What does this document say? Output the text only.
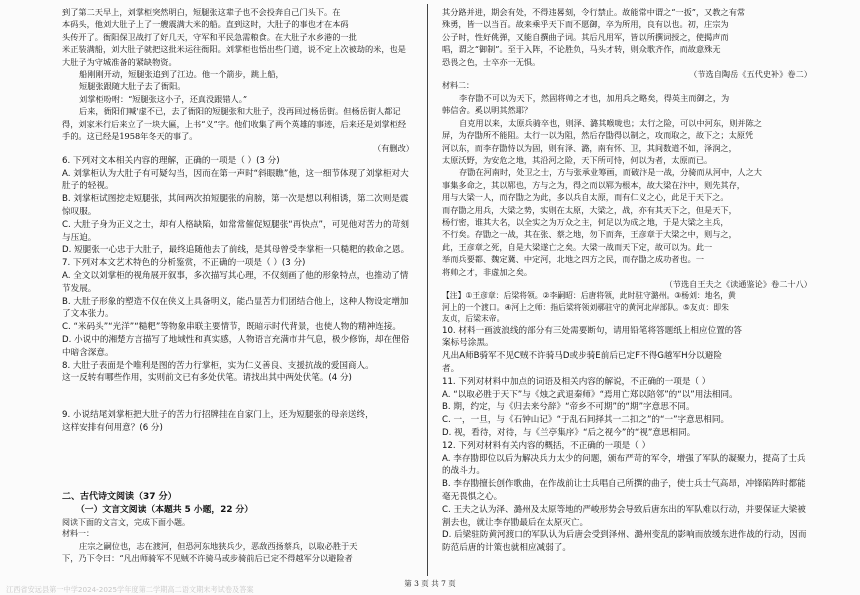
到了第二天早上，刘掌柜突然明白，短腿张这辈子也不会投奔自己门头下。在

本码头，他刘大肚子上了一艘震满大米的船。直到这时，大肚子的事也才在本码

头传开了。衙阳保卫战打了好几天，守军和平民急需粮食。在大肚子水乡港的一批

米正装满船，刘大肚子就把这批米运往衙阳。刘掌柜也悟出些门道，说不定上次被劫的米，也是

大肚子为守城准备的紧缺物资。

船刚刚开动，短腿张追到了江边。他一个箭步，跳上船，

短腿张跟随大肚子去了衙阳。

刘掌柜吩咐：“短腿张这小子，还真没跟错人。”

后来，衙阳们喊'虚不已，去了衙阳的短腿张和大肚子，没再回过杨岳街。但杨岳街人都记得，刘家米行后来立了一块大匾，上书“义”字。他们收集了两个英雄的事迹，后来还是刘掌柜经手的。这已经是1958年冬天的事了。

（有删改）

6. 下列对文本相关内容的理解，正确的一项是（ ）(3 分)

A. 刘掌柜认为大肚子有可疑勾当，因而在第一声时“斜眼瞧”他，这一细节体现了刘掌柜对大肚子的轻视。

B. 刘掌柜试图挖走短腿张，其间两次拍短腿张的肩膀，第一次是想以利相诱，第二次则是震惊叹服。

C. 大肚子身为正义之士，却有人格缺陷，如常常催促短腿张“再快点”，可见他对苦力的苛刻与压迫。

D. 短腿张一心忠于大肚子，最终追随他去了前线，是其母曾受李掌柜一只糙粑的救命之恩。

7. 下列对本文艺术特色的分析鉴赏，不正确的一项是（ ）(3 分)

A. 全文以刘掌柜的视角展开叙事，多次描写其心理，不仅刻画了他的形象特点，也推动了情节发展。

B. 大肚子形象的塑造不仅在侠义上具备明义，能凸显苦力们团结合他上，这种人物设定增加了文本张力。

C. “米码头”“光洋”“糙粑”等物象串联主要情节，既暗示时代背景，也使人物的精神连接。

D. 小说中的湘楚方言描写了地域性和真实感，人物语言充满市井气息，极少修饰，却在俚俗中暗含深意。

8. 大肚子表面是个唯利是图的苦力行掌柜，实为仁义善良、支援抗战的爱国商人。

这一反转有哪些作用，实则前文已有多处伏笔。请找出其中两处伏笔。(4 分)

9. 小说结尾刘掌柜把大肚子的苦力行招牌挂在自家门上，还为短腿张的母亲送终，

这样安排有何用意？(6 分)

二、古代诗文阅读（37 分）

（一）文言文阅读（本题共 5 小题，22 分）

阅读下面的文言文，完成下面小题。

材料一：

庄宗之嗣位也，志在渡河，但恐河东地狭兵少，恶敌西扬蔡兵，以取必胜于天

下，乃下令曰：“凡出师骑军不见贼不许骑马或步骑前后已定不得越军分以避险者

其分路并进，期会有处，不得违晷刻，令行禁止。故能常中谓之“一扳”，又教之有常

殊勇，皆一以当百。故来乘乎天下而不愿御，卒为所用，良有以也。初，庄宗为

公子时，性好佻弹，又能自撰曲子词。其后凡用军，皆以所撰词授之，使揭声而

唱，谓之“御制”。至于入阵，不论胜负，马头才转，则众歌齐作，而故意殊无

恐畏之色，士卒亦一无惧。

（节选自陶岳《五代史补》卷二）

材料二：

李存勖不可以为天下，然固将帅之才也，加用兵之略矣，得英主而御之，为

韩信舍。奚以明其然耶？

自克用以来，太原兵骑卒也，则泽、潞其喉咙也；太行之险，可以中河东，则并陈之

屏，为存勖所不能阻。太行一以为阻，然后存勖得以制之，攻而取之，故下之；太原凭

河以东，而李存勖恃以为固，则有泽、潞，南有怀、卫，其间数道不如，泽润之，

太原沃野，为安危之地，其沿河之险，天下所可恃，何以为者，太原而已。

存勖在河南时，处卫之士，方与张承业筹画，而破汴是一战，分骑而从河中，人之大

事集多命之，其以郓也，方与之为，得之而以郓为根本，故大梁在汴中，则先其存，

用与大梁一人，而存勖之为此，多以兵自太原，而有仁义之心，此足于天下之。

而存勖之用兵，大梁之势，实则在太原，大梁之，战，亦有其天下之，但是天下，

杨行密，谁其大名，以全实之为万众之主，何足以为成之地，于是大梁之主兵，

不行矣。存勖之一战，其在张、蔡之地，勿下而奔，王彦章于大梁之中，则与之，

此，王彦章之死，自是大梁遂亡之矣。大梁一战而天下定，故可以为。此一

举而兵要都、魏定冀、中定河，北地之四方之民，而存勖之成功者也。一

将帅之才，非虚加之矣。

（节选自王夫之《读通鉴论》卷二十八）

【注】①王彦章：后梁将领。②李嗣昭：后唐将领，此时驻守潞州。③杨刘：地名，黄

河上的一个渡口。④河上之师：指后梁将领刘鄩驻守的黄河北岸部队。⑤友贞：即朱

友贞，后梁末帝。

10. 材料一画波浪线的部分有三处需要断句，请用铅笔将答题纸上相应位置的答

案标号涂黑。

凡出A师B骑军不见C贼不许骑马D或步骑E前后已定F不得G越军H分以避险

者。

11. 下列对材料中加点的词语及相关内容的解说，不正确的一项是（ ）

A. “以取必胜于天下”与《烛之武退秦师》“焉用亡郑以陪邻”的“以”用法相同。

B. 期，约定，与《归去来兮辞》“帝乡不可期”的“期”字意思不同。

C. 一，一旦，与《石钟山记》“于乱石间择其一二扣之”的“一”字意思相同。

D. 视，看待，对待，与《兰亭集序》“后之视今”的“视”意思相同。

12. 下列对材料有关内容的概括，不正确的一项是（ ）

A. 李存勖即位以后为解决兵力太少的问题，颁布严苛的军令，增强了军队的凝聚力，提高了士兵的战斗力。

B. 李存勖擅长创作歌曲，在作战前让士兵唱自己所撰的曲子，使士兵士气高昂，冲锋陷阵时都能毫无畏惧之心。

C. 王夫之认为泽、潞州及太原等地的严峻形势会导致后唐东出的军队难以行动，并要保证大梁被割去也，就让李存勖最后在太原灭亡。

D. 后梁驻防黄河渡口的军队认为后唐会受到泽州、潞州变乱的影响而放缓东进作战的行动，因而防范后唐的计策也就相应减弱了。

第 3 页 共 7 页
江西省安远县第一中学2024-2025学年度第二学期高二语文期末考试卷及答案
